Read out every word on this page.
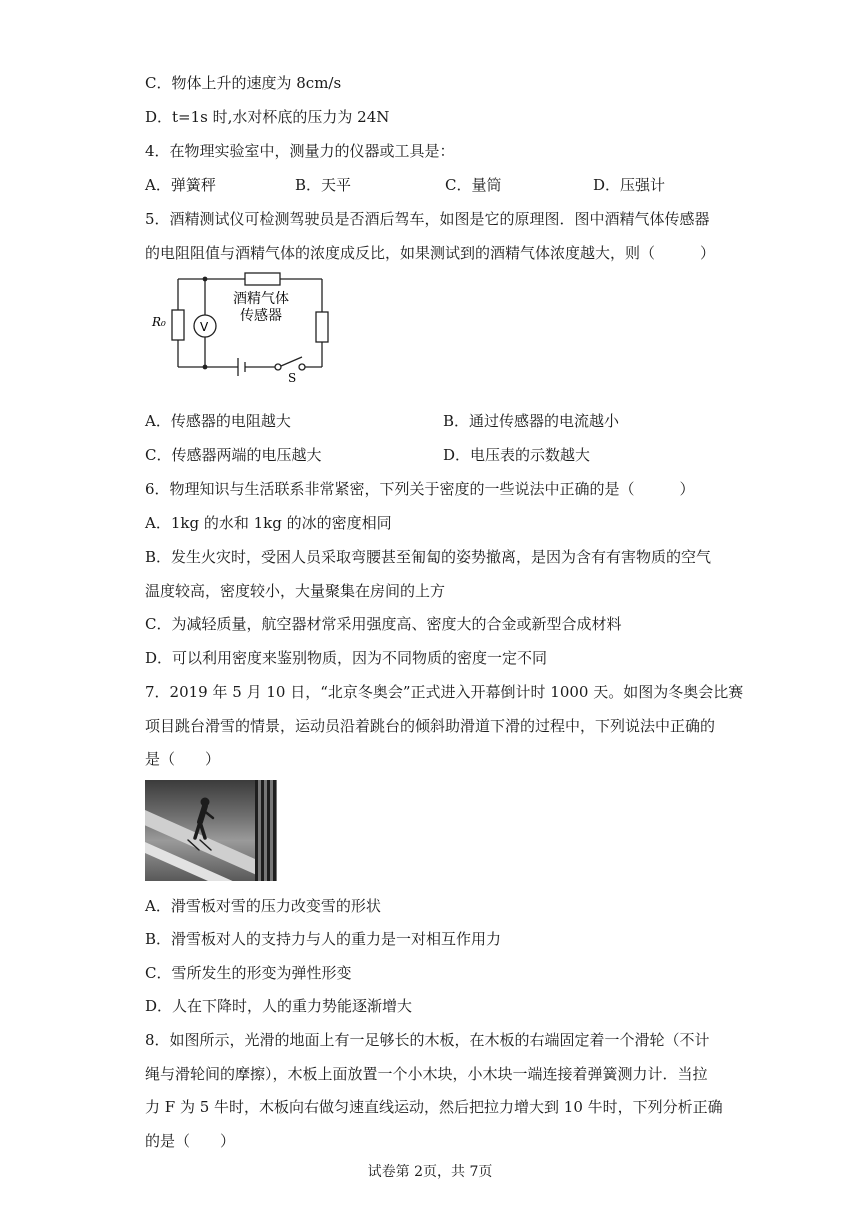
C．物体上升的速度为 8cm/s
D．t=1s 时,水对杯底的压力为 24N
4．在物理实验室中，测量力的仪器或工具是：
A．弹簧秤	B．天平	C．量筒	D．压强计
5．酒精测试仪可检测驾驶员是否酒后驾车，如图是它的原理图．图中酒精气体传感器
的电阻阻值与酒精气体的浓度成反比，如果测试到的酒精气体浓度越大，则（　　　）
R₀	V
酒精气体
传感器
S
A．传感器的电阻越大	B．通过传感器的电流越小
C．传感器两端的电压越大	D．电压表的示数越大
6．物理知识与生活联系非常紧密，下列关于密度的一些说法中正确的是（　　　）
A．1kg 的水和 1kg 的冰的密度相同
B．发生火灾时，受困人员采取弯腰甚至匍匐的姿势撤离，是因为含有有害物质的空气
温度较高，密度较小，大量聚集在房间的上方
C．为减轻质量，航空器材常采用强度高、密度大的合金或新型合成材料
D．可以利用密度来鉴别物质，因为不同物质的密度一定不同
7．2019 年 5 月 10 日，“北京冬奥会”正式进入开幕倒计时 1000 天。如图为冬奥会比赛
项目跳台滑雪的情景，运动员沿着跳台的倾斜助滑道下滑的过程中，下列说法中正确的
是（　　）
A．滑雪板对雪的压力改变雪的形状
B．滑雪板对人的支持力与人的重力是一对相互作用力
C．雪所发生的形变为弹性形变
D．人在下降时，人的重力势能逐渐增大
8．如图所示，光滑的地面上有一足够长的木板，在木板的右端固定着一个滑轮（不计
绳与滑轮间的摩擦），木板上面放置一个小木块，小木块一端连接着弹簧测力计．当拉
力 F 为 5 牛时，木板向右做匀速直线运动，然后把拉力增大到 10 牛时，下列分析正确
的是（　　）
试卷第 2页，共 7页
